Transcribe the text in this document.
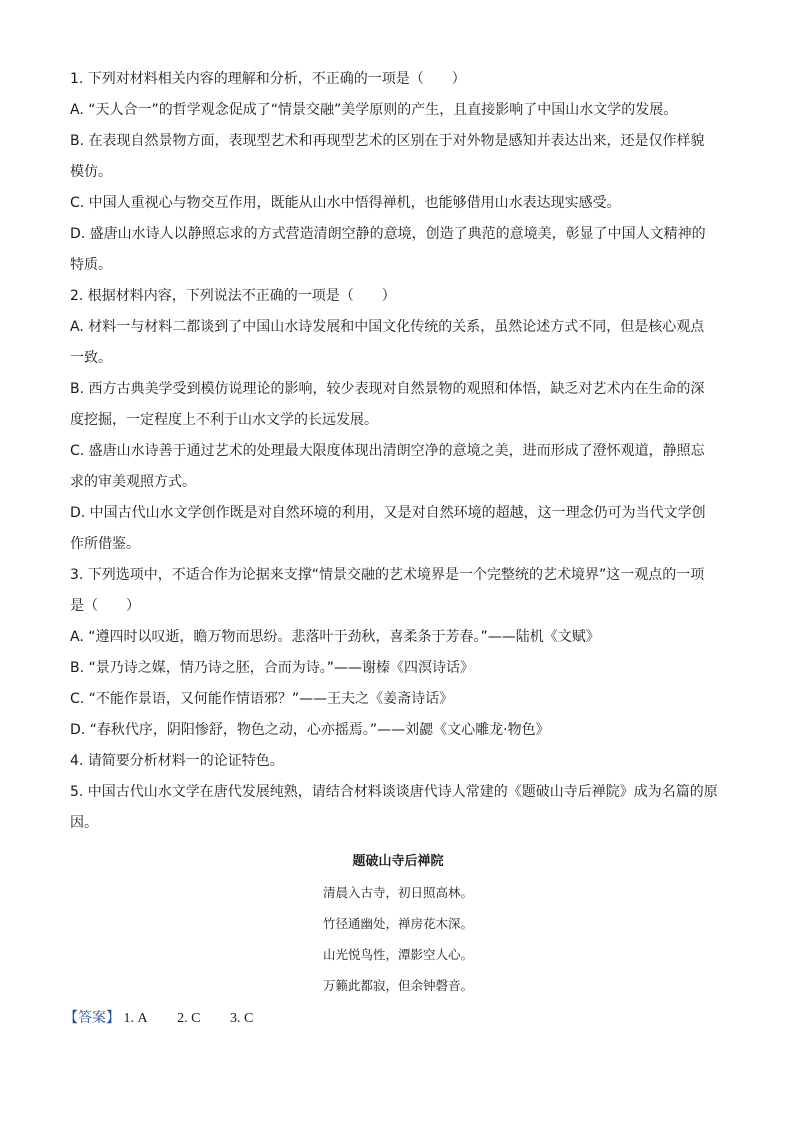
1. 下列对材料相关内容的理解和分析，不正确的一项是（　　）
A. “天人合一”的哲学观念促成了“情景交融”美学原则的产生，且直接影响了中国山水文学的发展。
B. 在表现自然景物方面，表现型艺术和再现型艺术的区别在于对外物是感知并表达出来，还是仅作样貌
模仿。
C. 中国人重视心与物交互作用，既能从山水中悟得禅机，也能够借用山水表达现实感受。
D. 盛唐山水诗人以静照忘求的方式营造清朗空静的意境，创造了典范的意境美，彰显了中国人文精神的
特质。
2. 根据材料内容，下列说法不正确的一项是（　　）
A. 材料一与材料二都谈到了中国山水诗发展和中国文化传统的关系，虽然论述方式不同，但是核心观点
一致。
B. 西方古典美学受到模仿说理论的影响，较少表现对自然景物的观照和体悟，缺乏对艺术内在生命的深
度挖掘，一定程度上不利于山水文学的长远发展。
C. 盛唐山水诗善于通过艺术的处理最大限度体现出清朗空净的意境之美，进而形成了澄怀观道，静照忘
求的审美观照方式。
D. 中国古代山水文学创作既是对自然环境的利用，又是对自然环境的超越，这一理念仍可为当代文学创
作所借鉴。
3. 下列选项中，不适合作为论据来支撑“情景交融的艺术境界是一个完整统的艺术境界”这一观点的一项
是（　　）
A. “遵四时以叹逝，瞻万物而思纷。悲落叶于劲秋，喜柔条于芳春。”——陆机《文赋》
B. “景乃诗之媒，情乃诗之胚，合而为诗。”——谢榛《四溟诗话》
C. “不能作景语，又何能作情语邪？”——王夫之《姜斋诗话》
D. “春秋代序，阴阳惨舒，物色之动，心亦摇焉。”——刘勰《文心雕龙·物色》
4. 请简要分析材料一的论证特色。
5. 中国古代山水文学在唐代发展纯熟，请结合材料谈谈唐代诗人常建的《题破山寺后禅院》成为名篇的原
因。
题破山寺后禅院
清晨入古寺，初日照高林。
竹径通幽处，禅房花木深。
山光悦鸟性，潭影空人心。
万籁此都寂，但余钟磬音。
【答案】 1. A 2. C 3. C
